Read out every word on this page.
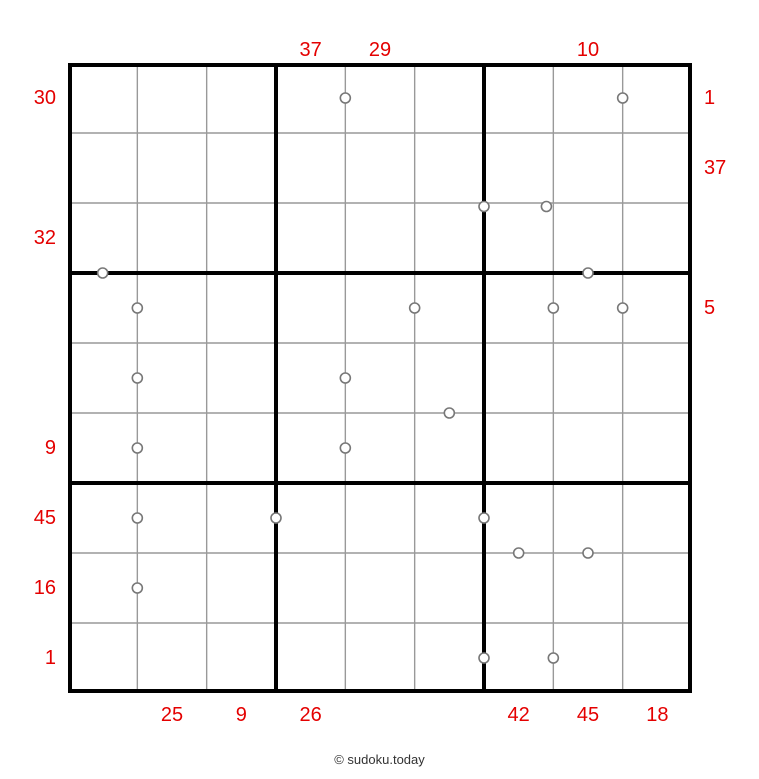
37 29	10
25	9	26	42 45 18
30
32
9
45
16
1
1
37
5
© sudoku.today
